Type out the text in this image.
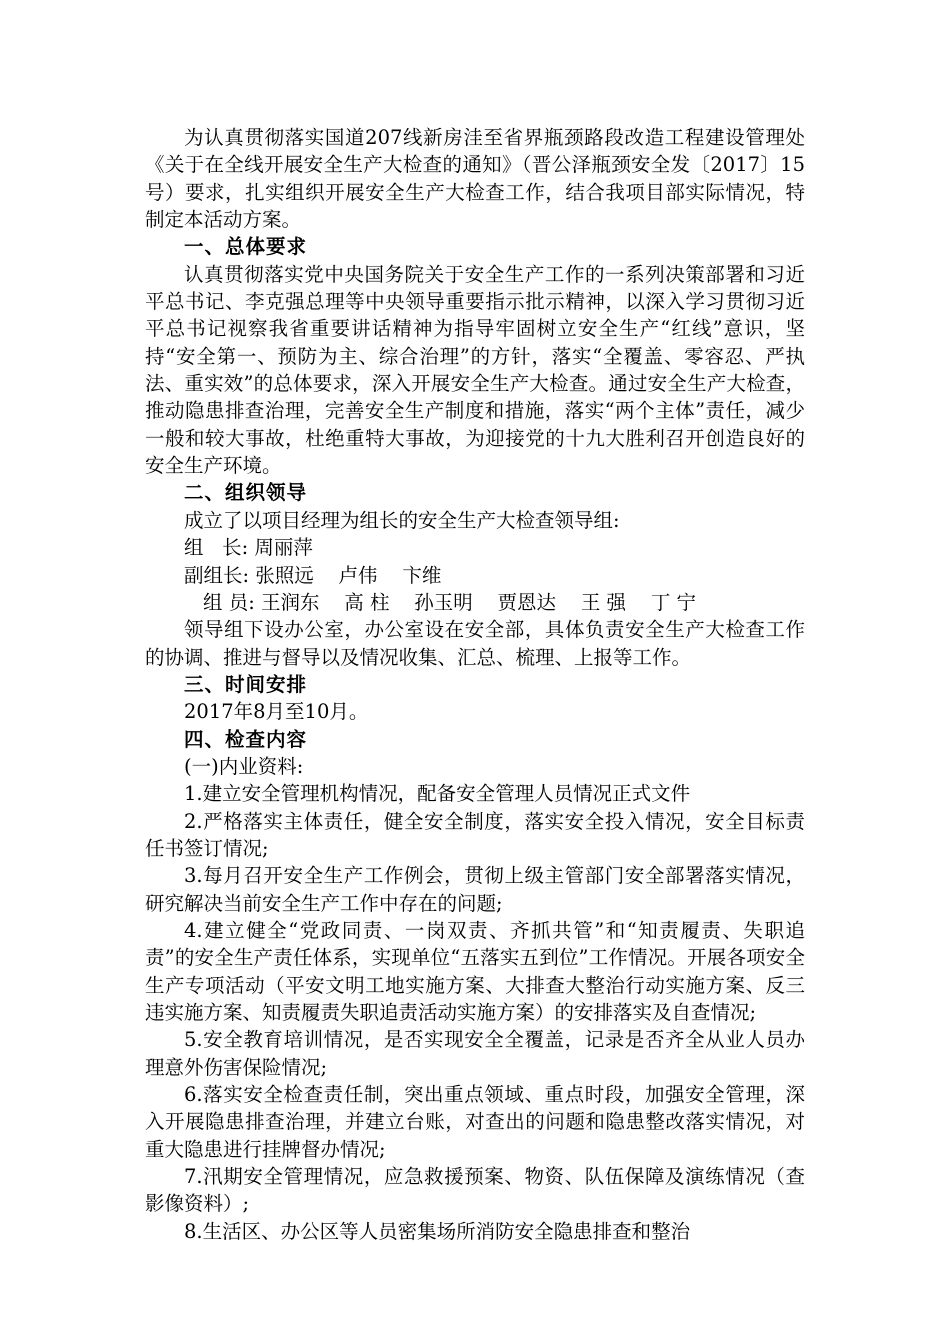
为认真贯彻落实国道207线新房洼至省界瓶颈路段改造工程建设管理处《关于在全线开展安全生产大检查的通知》（晋公泽瓶颈安全发〔2017〕15号）要求，扎实组织开展安全生产大检查工作，结合我项目部实际情况，特制定本活动方案。

一、总体要求

认真贯彻落实党中央国务院关于安全生产工作的一系列决策部署和习近平总书记、李克强总理等中央领导重要指示批示精神，以深入学习贯彻习近平总书记视察我省重要讲话精神为指导牢固树立安全生产“红线”意识，坚持“安全第一、预防为主、综合治理”的方针，落实“全覆盖、零容忍、严执法、重实效”的总体要求，深入开展安全生产大检查。通过安全生产大检查，推动隐患排查治理，完善安全生产制度和措施，落实“两个主体”责任，减少一般和较大事故，杜绝重特大事故，为迎接党的十九大胜利召开创造良好的安全生产环境。

二、组织领导

成立了以项目经理为组长的安全生产大检查领导组:

组   长: 周丽萍

副组长: 张照远    卢伟    卞维

组 员: 王润东    高 柱    孙玉明    贾恩达    王 强    丁 宁

领导组下设办公室，办公室设在安全部，具体负责安全生产大检查工作的协调、推进与督导以及情况收集、汇总、梳理、上报等工作。

三、时间安排

2017年8月至10月。

四、检查内容

(一)内业资料:

1.建立安全管理机构情况，配备安全管理人员情况正式文件

2.严格落实主体责任，健全安全制度，落实安全投入情况，安全目标责任书签订情况;

3.每月召开安全生产工作例会，贯彻上级主管部门安全部署落实情况，研究解决当前安全生产工作中存在的问题;

4.建立健全“党政同责、一岗双责、齐抓共管”和“知责履责、失职追责”的安全生产责任体系，实现单位“五落实五到位”工作情况。开展各项安全生产专项活动（平安文明工地实施方案、大排查大整治行动实施方案、反三违实施方案、知责履责失职追责活动实施方案）的安排落实及自查情况;

5.安全教育培训情况，是否实现安全全覆盖，记录是否齐全从业人员办理意外伤害保险情况;

6.落实安全检查责任制，突出重点领域、重点时段，加强安全管理，深入开展隐患排查治理，并建立台账，对查出的问题和隐患整改落实情况，对重大隐患进行挂牌督办情况;

7.汛期安全管理情况，应急救援预案、物资、队伍保障及演练情况（查影像资料）;

8.生活区、办公区等人员密集场所消防安全隐患排查和整治
